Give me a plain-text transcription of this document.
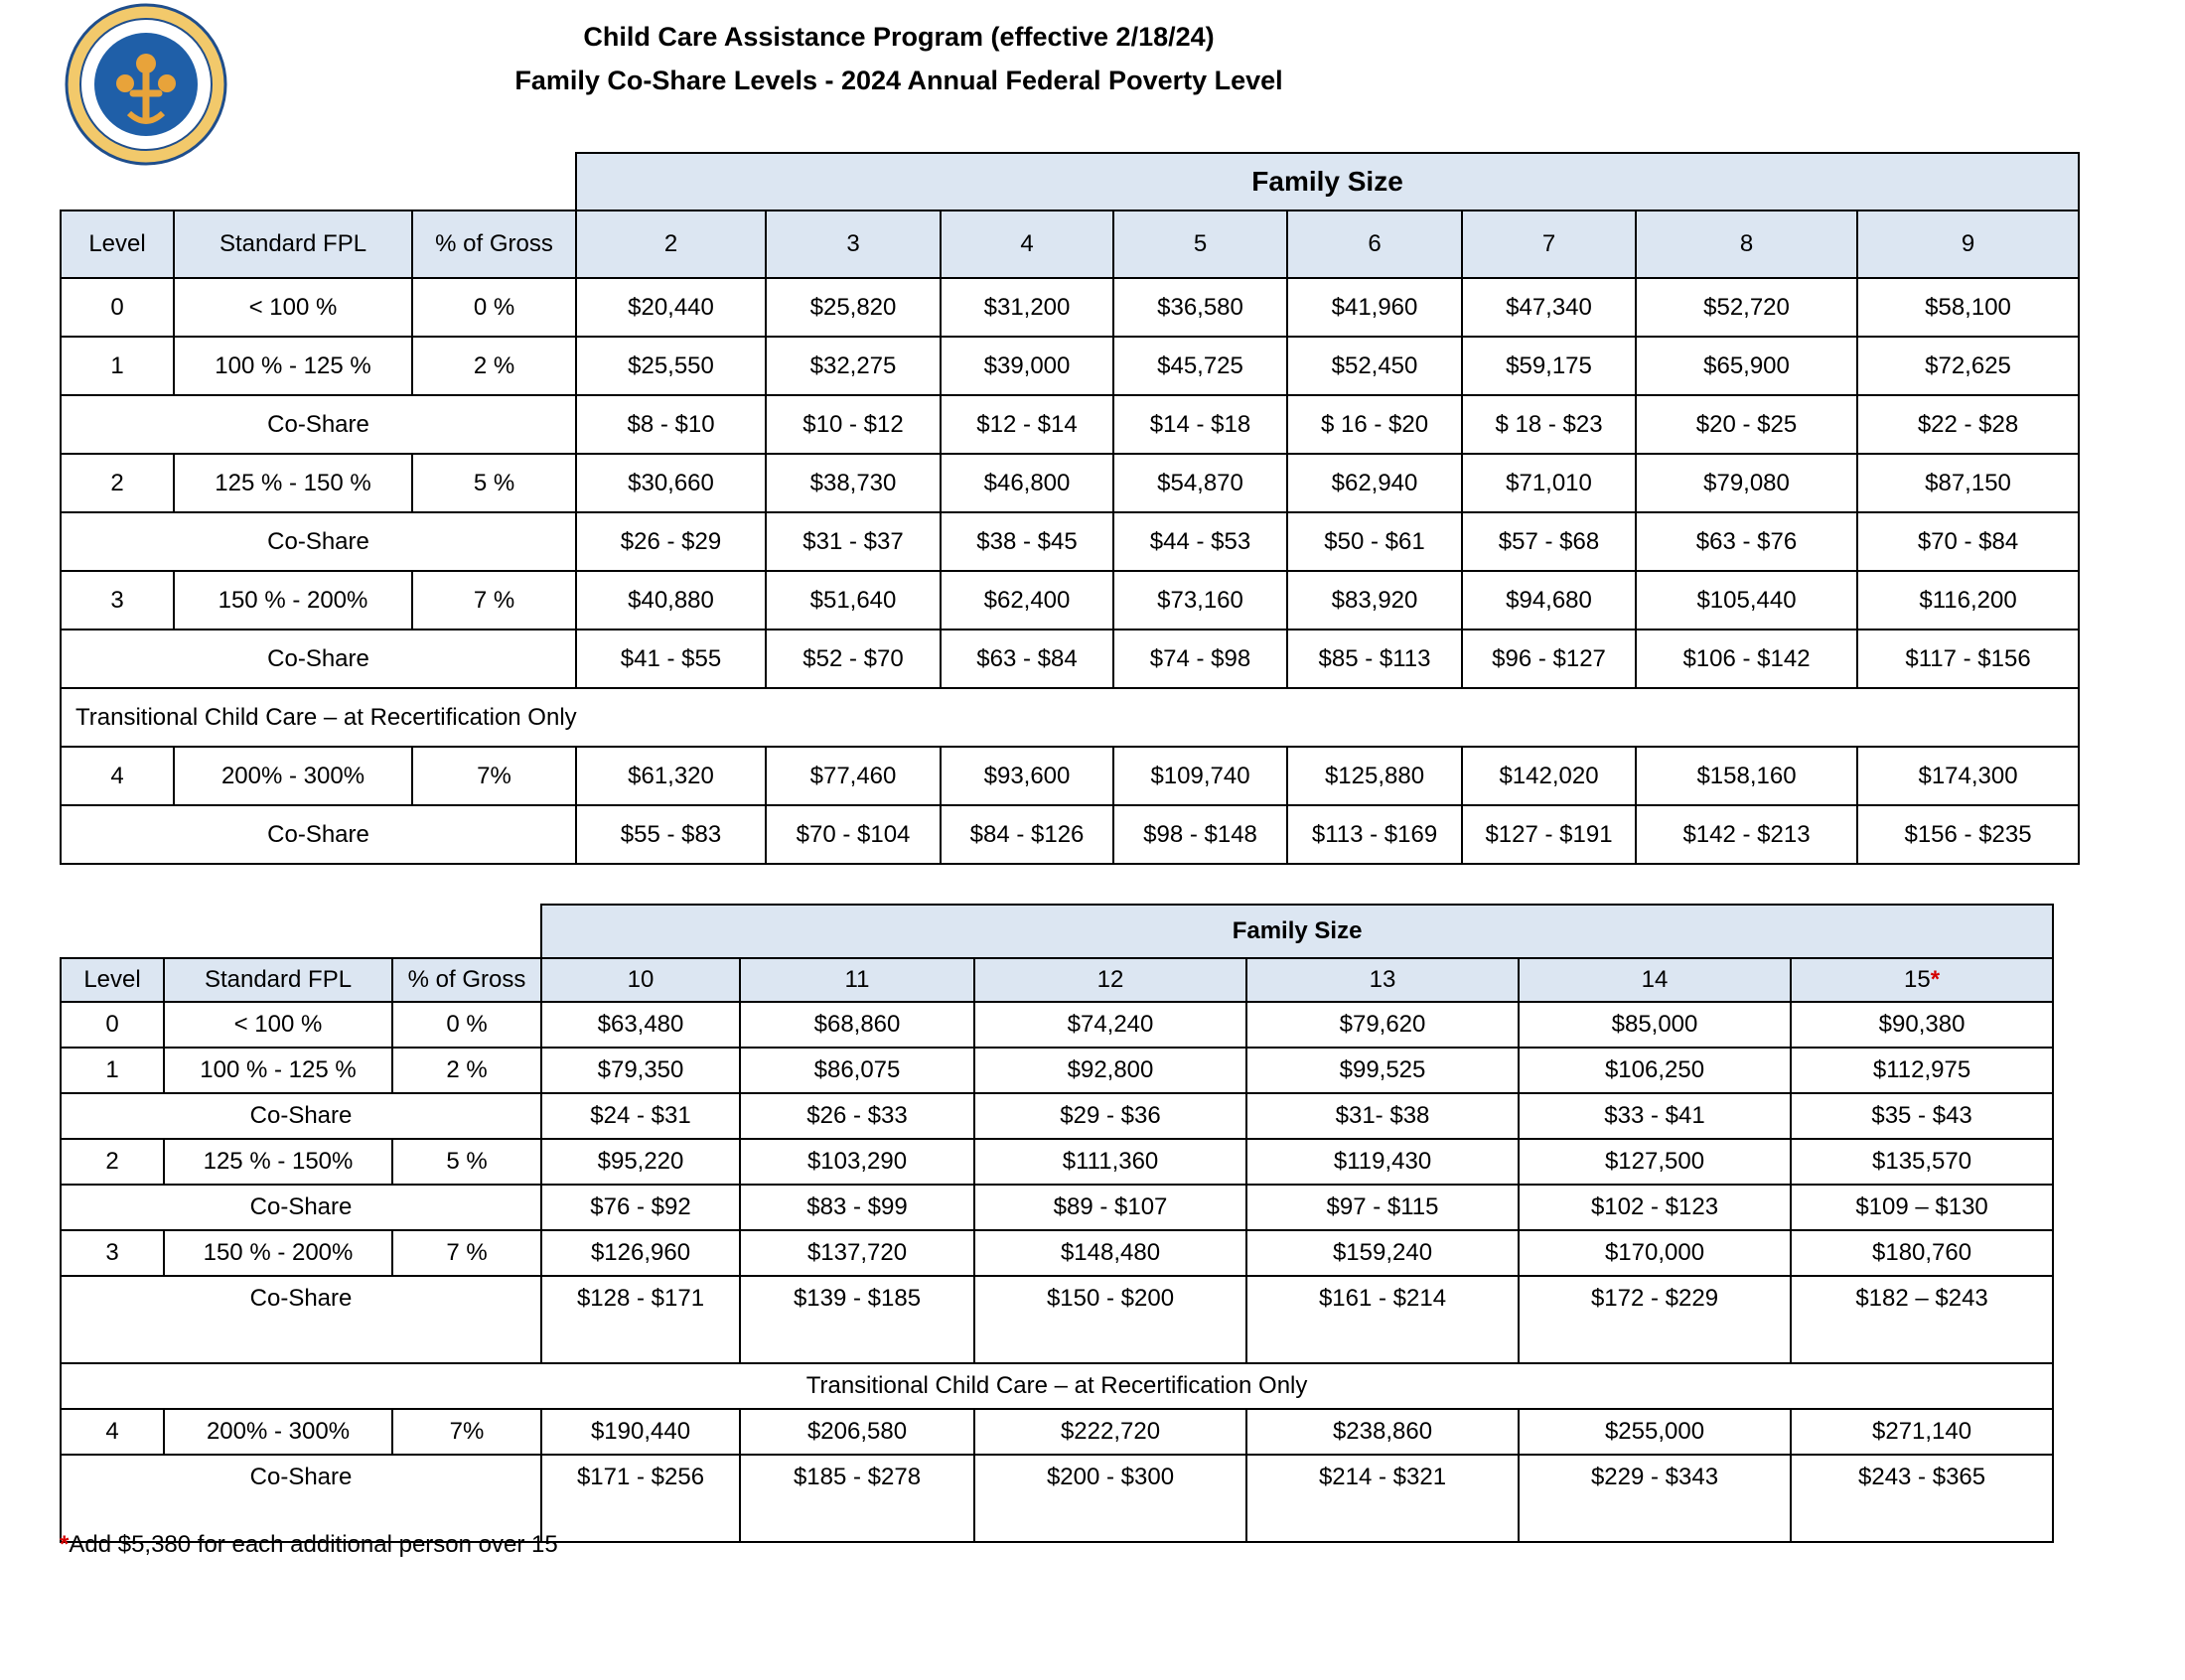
Child Care Assistance Program (effective 2/18/24)
Family Co-Share Levels - 2024 Annual Federal Poverty Level
			Family Size							
Level	Standard FPL	% of Gross	2	3	4	5	6	7	8	9
0	< 100 %	0 %	$20,440	$25,820	$31,200	$36,580	$41,960	$47,340	$52,720	$58,100
1	100 % - 125 %	2 %	$25,550	$32,275	$39,000	$45,725	$52,450	$59,175	$65,900	$72,625
Co-Share			$8 - $10	$10 - $12	$12 - $14	$14 - $18	$ 16 - $20	$ 18 - $23	$20 - $25	$22 - $28
2	125 % - 150 %	5 %	$30,660	$38,730	$46,800	$54,870	$62,940	$71,010	$79,080	$87,150
Co-Share			$26 - $29	$31 - $37	$38 - $45	$44 - $53	$50 - $61	$57 - $68	$63 - $76	$70 - $84
3	150 % - 200%	7 %	$40,880	$51,640	$62,400	$73,160	$83,920	$94,680	$105,440	$116,200
Co-Share			$41 - $55	$52 - $70	$63 - $84	$74 - $98	$85 - $113	$96 - $127	$106 - $142	$117 - $156
Transitional Child Care – at Recertification Only										
4	200% - 300%	7%	$61,320	$77,460	$93,600	$109,740	$125,880	$142,020	$158,160	$174,300
Co-Share			$55 - $83	$70 - $104	$84 - $126	$98 - $148	$113 - $169	$127 - $191	$142 - $213	$156 - $235
			Family Size					
Level	Standard FPL	% of Gross	10	11	12	13	14	15*
0	< 100 %	0 %	$63,480	$68,860	$74,240	$79,620	$85,000	$90,380
1	100 % - 125 %	2 %	$79,350	$86,075	$92,800	$99,525	$106,250	$112,975
Co-Share			$24 - $31	$26 - $33	$29 - $36	$31- $38	$33 - $41	$35 - $43
2	125 % - 150%	5 %	$95,220	$103,290	$111,360	$119,430	$127,500	$135,570
Co-Share			$76 - $92	$83 - $99	$89 - $107	$97 - $115	$102 - $123	$109 – $130
3	150 % - 200%	7 %	$126,960	$137,720	$148,480	$159,240	$170,000	$180,760
Co-Share			$128 - $171	$139 - $185	$150 - $200	$161 - $214	$172 - $229	$182 – $243
Transitional Child Care – at Recertification Only								
4	200% - 300%	7%	$190,440	$206,580	$222,720	$238,860	$255,000	$271,140
Co-Share			$171 - $256	$185 - $278	$200 - $300	$214 - $321	$229 - $343	$243 - $365
*Add $5,380 for each additional person over 15
